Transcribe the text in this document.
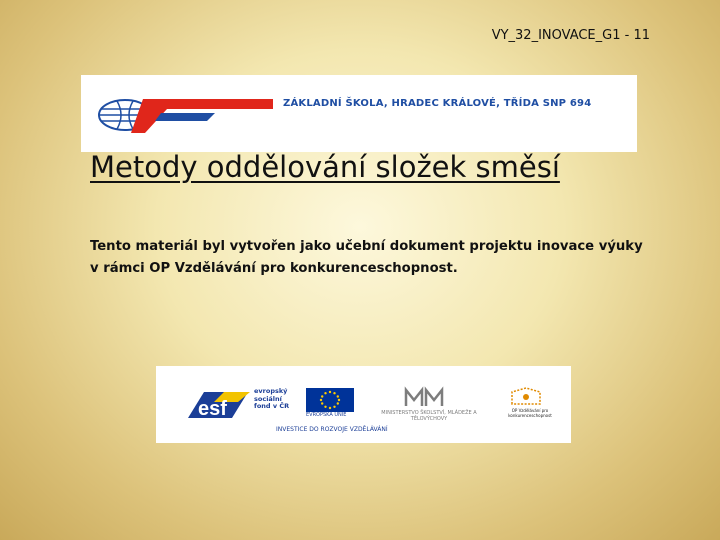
VY_32_INOVACE_G1 - 11
ZÁKLADNÍ ŠKOLA, HRADEC KRÁLOVÉ, TŘÍDA SNP 694
Metody oddělování složek směsí
Tento materiál byl vytvořen jako učební dokument projektu inovace výuky v rámci OP Vzdělávání pro konkurenceschopnost.
esf
evropský sociální fond v ČR
EVROPSKÁ UNIE	MINISTERSTVO ŠKOLSTVÍ, MLÁDEŽE A TĚLOVÝCHOVY
OP Vzdělávání pro konkurenceschopnost
INVESTICE DO ROZVOJE VZDĚLÁVÁNÍ
